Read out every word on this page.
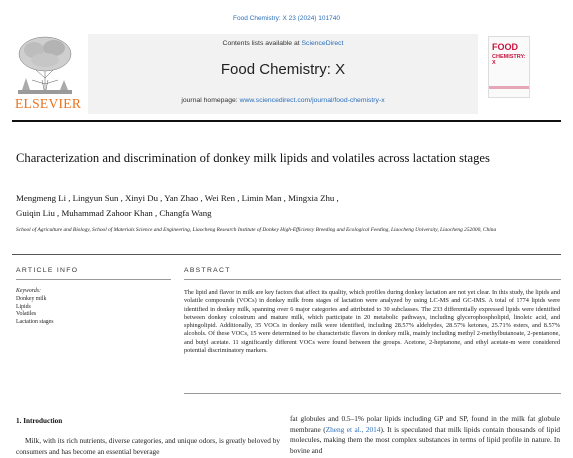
Food Chemistry: X 23 (2024) 101740
ELSEVIER
Contents lists available at ScienceDirect
Food Chemistry: X
journal homepage: www.sciencedirect.com/journal/food-chemistry-x
FOOD
CHEMISTRY: X
Characterization and discrimination of donkey milk lipids and volatiles across lactation stages
Mengmeng Li , Lingyun Sun , Xinyi Du , Yan Zhao , Wei Ren , Limin Man , Mingxia Zhu ,
Guiqin Liu , Muhammad Zahoor Khan , Changfa Wang
School of Agriculture and Biology, School of Materials Science and Engineering, Liaocheng Research Institute of Donkey High-Efficiency Breeding and Ecological Feeding, Liaocheng University, Liaocheng 252000, China
ARTICLE INFO	ABSTRACT
Keywords:
Donkey milk
Lipids
Volatiles
Lactation stages
The lipid and flavor in milk are key factors that affect its quality, which profiles during donkey lactation are not yet clear. In this study, the lipids and volatile compounds (VOCs) in donkey milk from stages of lactation were analyzed by using LC-MS and GC-IMS. A total of 1774 lipids were identified in donkey milk, spanning over 6 major categories and attributed to 30 subclasses. The 233 differentially expressed lipids were identified between donkey colostrum and mature milk, which participate in 20 metabolic pathways, including glycerophospholipid, linoleic acid, and sphingolipid. Additionally, 35 VOCs in donkey milk were identified, including 28.57% aldehydes, 28.57% ketones, 25.71% esters, and 8.57% alcohols. Of these VOCs, 15 were determined to be characteristic flavors in donkey milk, mainly including methyl 2-methylbutanoate, 2-pentanone, and butyl acetate. 11 significantly different VOCs were found between the groups. Acetone, 2-heptanone, and ethyl acetate-m were considered potential discriminatory markers.
1. Introduction
Milk, with its rich nutrients, diverse categories, and unique odors, is greatly beloved by consumers and has become an essential beverage
fat globules and 0.5–1% polar lipids including GP and SP, found in the milk fat globule membrane (Zheng et al., 2014). It is speculated that milk lipids contain thousands of lipid molecules, making them the most complex substances in terms of lipid profile in nature. In bovine and
